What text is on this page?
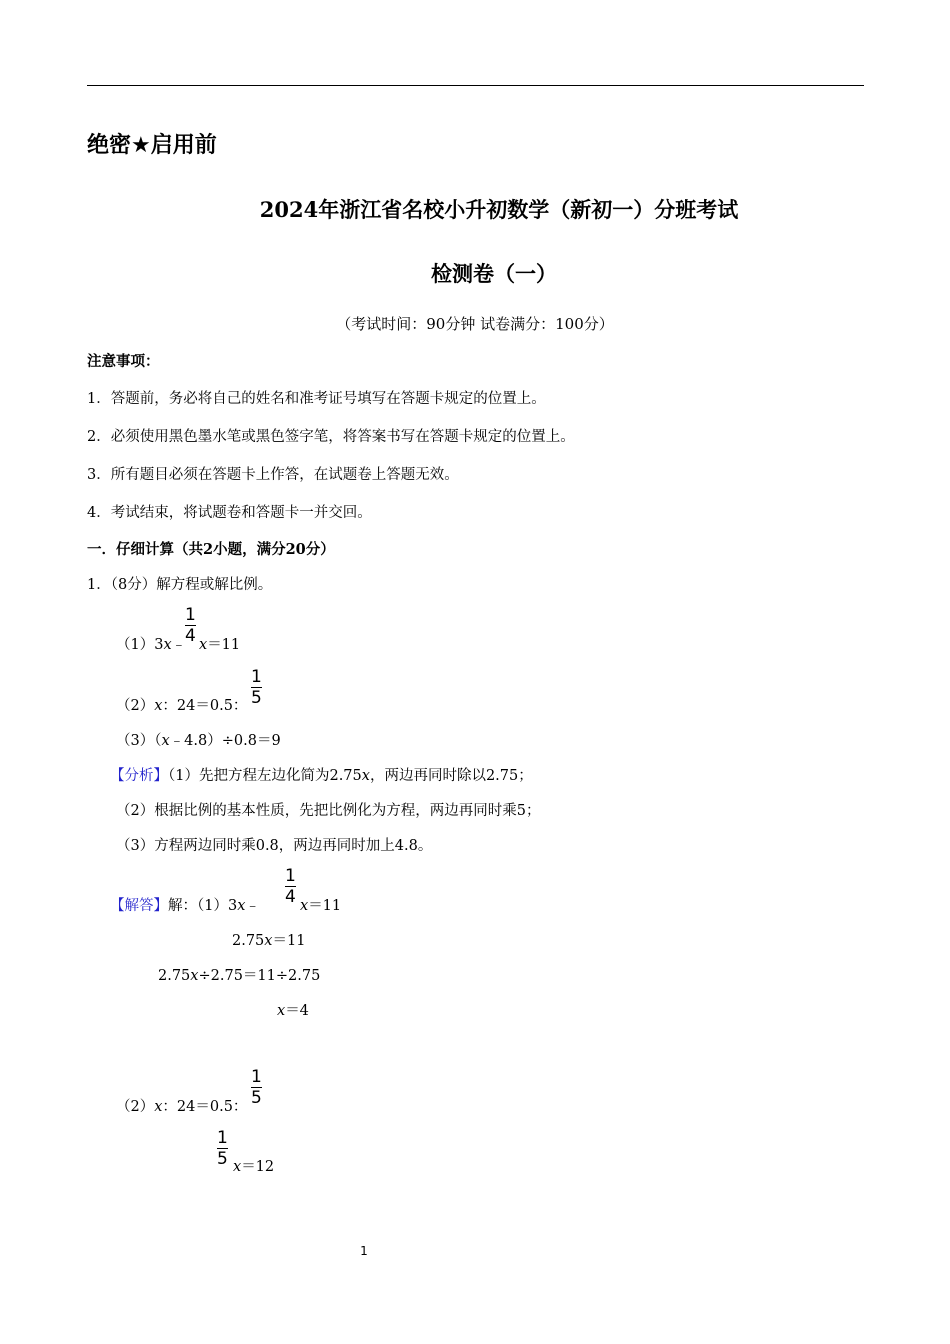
绝密★启用前
2024年浙江省名校小升初数学（新初一）分班考试
检测卷（一）
（考试时间：90分钟 试卷满分：100分）
注意事项：
1．答题前，务必将自己的姓名和准考证号填写在答题卡规定的位置上。
2．必须使用黑色墨水笔或黑色签字笔，将答案书写在答题卡规定的位置上。
3．所有题目必须在答题卡上作答，在试题卷上答题无效。
4．考试结束，将试题卷和答题卡一并交回。
一．仔细计算（共2小题，满分20分）
1．（8分）解方程或解比例。
（1）3x﹣
1
4 x＝11
（2）x：24＝0.5：
1
5
（3）（x﹣4.8）÷0.8＝9
【分析】（1）先把方程左边化简为2.75x，两边再同时除以2.75；
（2）根据比例的基本性质，先把比例化为方程，两边再同时乘5；
（3）方程两边同时乘0.8，两边再同时加上4.8。
【解答】解：（1）3x﹣
1
4 x＝11
2.75x＝11
2.75x÷2.75＝11÷2.75
x＝4
（2）x：24＝0.5：
1
5
1
5 x＝12
1
